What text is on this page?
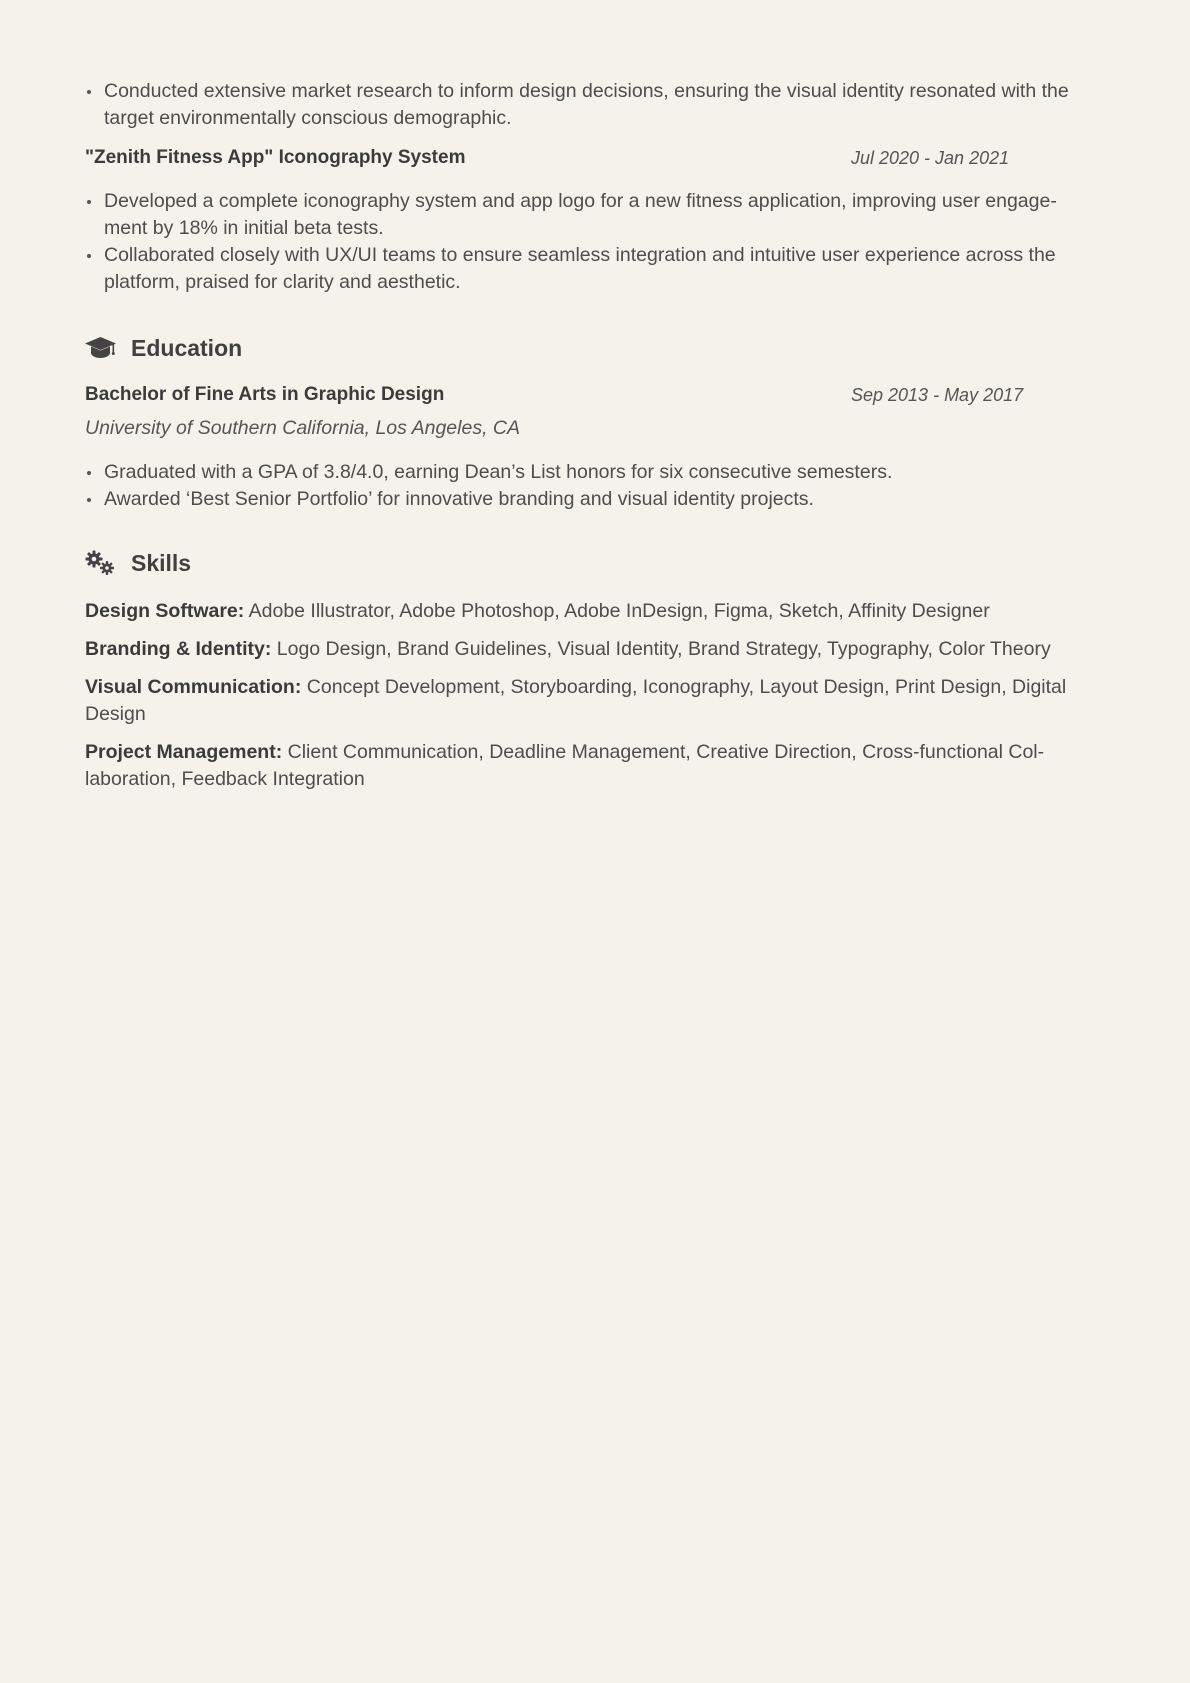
Conducted extensive market research to inform design decisions, ensuring the visual identity resonated with the target environmentally conscious demographic.
"Zenith Fitness App" Iconography System	Jul 2020 - Jan 2021
Developed a complete iconography system and app logo for a new fitness application, improving user engage-ment by 18% in initial beta tests.
Collaborated closely with UX/UI teams to ensure seamless integration and intuitive user experience across the platform, praised for clarity and aesthetic.
Education
Bachelor of Fine Arts in Graphic Design	Sep 2013 - May 2017
University of Southern California, Los Angeles, CA
Graduated with a GPA of 3.8/4.0, earning Dean’s List honors for six consecutive semesters.
Awarded ‘Best Senior Portfolio’ for innovative branding and visual identity projects.
Skills
Design Software: Adobe Illustrator, Adobe Photoshop, Adobe InDesign, Figma, Sketch, Affinity Designer
Branding & Identity: Logo Design, Brand Guidelines, Visual Identity, Brand Strategy, Typography, Color Theory
Visual Communication: Concept Development, Storyboarding, Iconography, Layout Design, Print Design, Digital Design
Project Management: Client Communication, Deadline Management, Creative Direction, Cross-functional Col-laboration, Feedback Integration
